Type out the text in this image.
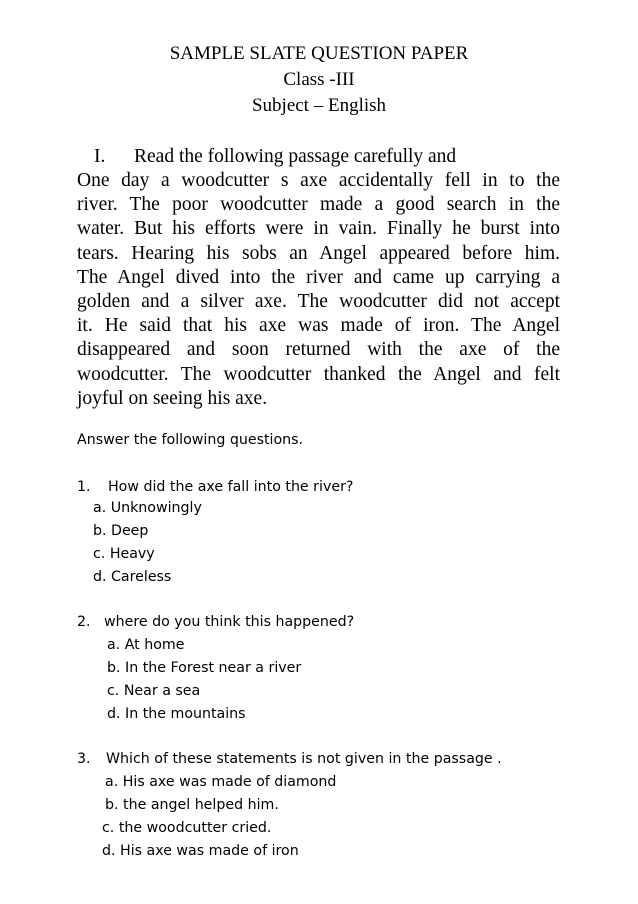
SAMPLE SLATE QUESTION PAPER
Class -III
Subject – English
I. Read the following passage carefully and
One day a woodcutter s axe accidentally fell in to the
river. The poor woodcutter made a good search in the
water. But his efforts were in vain. Finally he burst into
tears. Hearing his sobs an Angel appeared before him.
The Angel dived into the river and came up carrying a
golden and a silver axe. The woodcutter did not accept
it. He said that his axe was made of iron. The Angel
disappeared and soon returned with the axe of the
woodcutter. The woodcutter thanked the Angel and felt
joyful on seeing his axe.
Answer the following questions.
1. How did the axe fall into the river?
a. Unknowingly
b. Deep
c. Heavy
d. Careless
2. where do you think this happened?
a. At home
b. In the Forest near a river
c. Near a sea
d. In the mountains
3. Which of these statements is not given in the passage .
a. His axe was made of diamond
b. the angel helped him.
c. the woodcutter cried.
d. His axe was made of iron
